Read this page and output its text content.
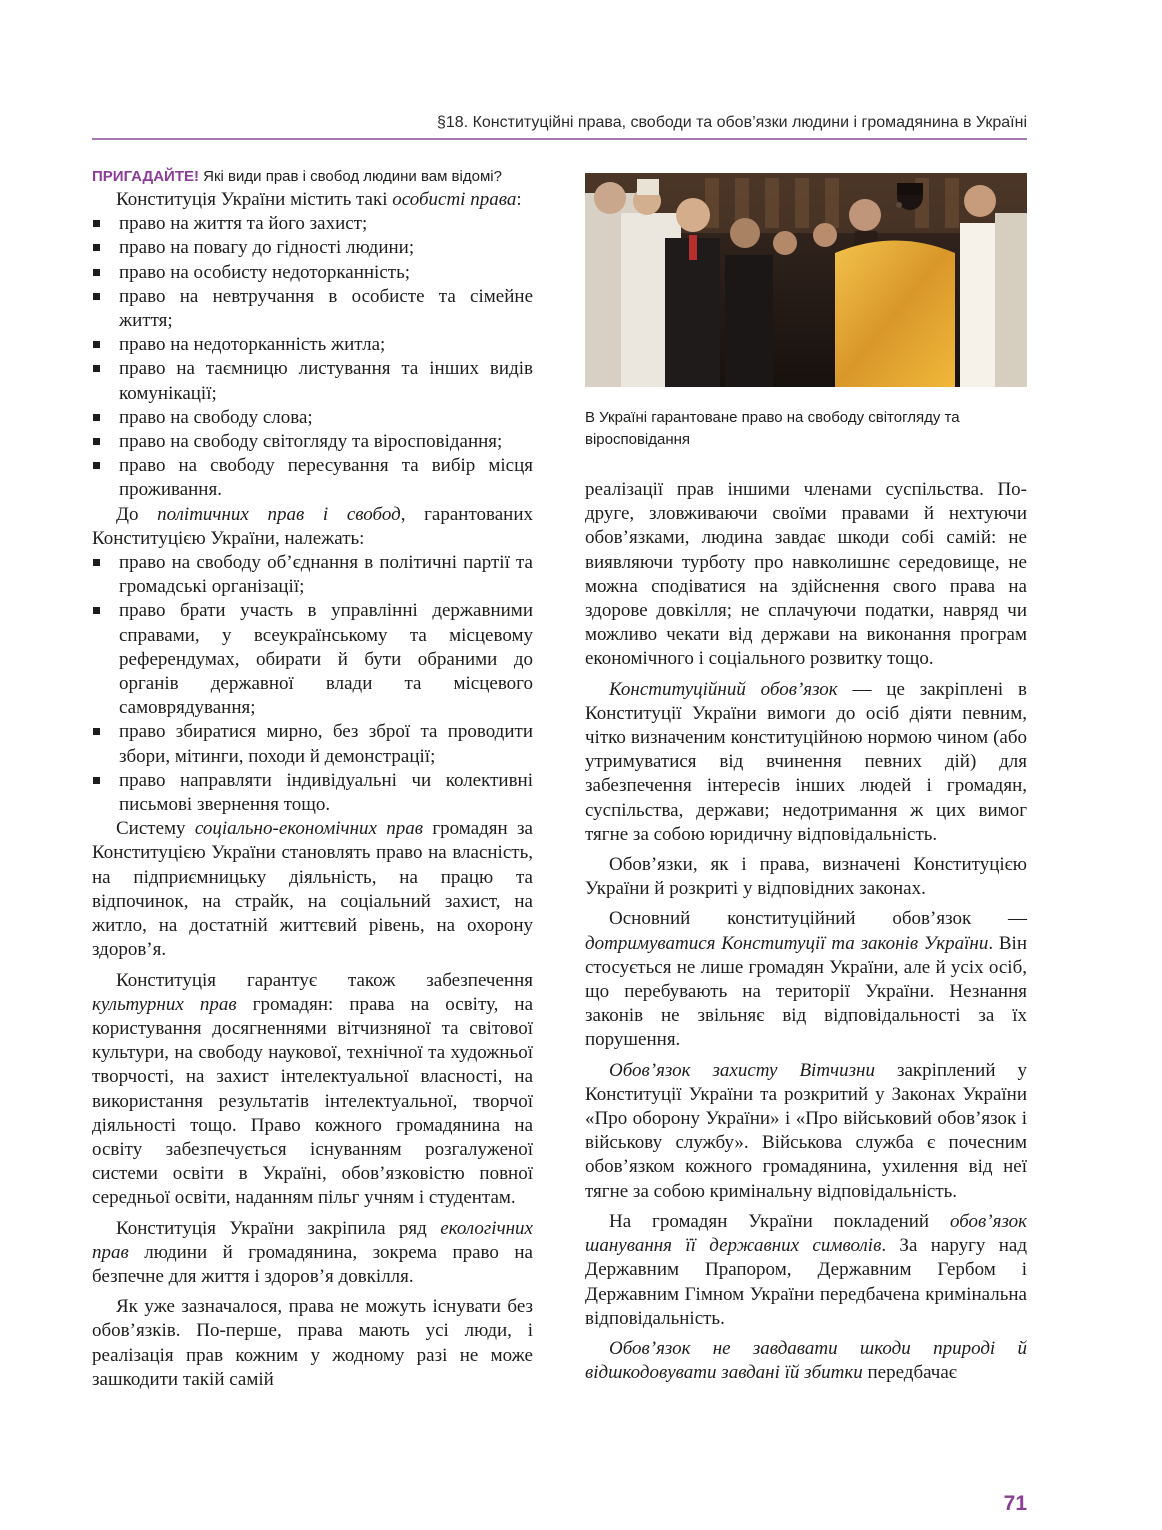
§18. Конституційні права, свободи та обов’язки людини і громадянина в Україні
ПРИГАДАЙТЕ! Які види прав і свобод людини вам відомі?

Конституція України містить такі особисті права:

право на життя та його захист;
право на повагу до гідності людини;
право на особисту недоторканність;
право на невтручання в особисте та сімейне життя;
право на недоторканність житла;
право на таємницю листування та інших видів комунікації;
право на свободу слова;
право на свободу світогляду та віросповідання;
право на свободу пересування та вибір місця проживання.

До політичних прав і свобод, гарантованих Конституцією України, належать:

право на свободу об’єднання в політичні партії та громадські організації;
право брати участь в управлінні державними справами, у всеукраїнському та місцевому референдумах, обирати й бути обраними до органів державної влади та місцевого самоврядування;
право збиратися мирно, без зброї та проводити збори, мітинги, походи й демонстрації;
право направляти індивідуальні чи колективні письмові звернення тощо.

Систему соціально-економічних прав громадян за Конституцією України становлять право на власність, на підприємницьку діяльність, на працю та відпочинок, на страйк, на соціальний захист, на житло, на достатній життєвий рівень, на охорону здоров’я.

Конституція гарантує також забезпечення культурних прав громадян: права на освіту, на користування досягненнями вітчизняної та світової культури, на свободу наукової, технічної та художньої творчості, на захист інтелектуальної власності, на використання результатів інтелектуальної, творчої діяльності тощо. Право кожного громадянина на освіту забезпечується існуванням розгалуженої системи освіти в Україні, обов’язковістю повної середньої освіти, наданням пільг учням і студентам.

Конституція України закріпила ряд екологічних прав людини й громадянина, зокрема право на безпечне для життя і здоров’я довкілля.

Як уже зазначалося, права не можуть існувати без обов’язків. По-перше, права мають усі люди, і реалізація прав кожним у жодному разі не може зашкодити такій самій

В Україні гарантоване право на свободу світогляду та віросповідання

реалізації прав іншими членами суспільства. По-друге, зловживаючи своїми правами й нехтуючи обов’язками, людина завдає шкоди собі самій: не виявляючи турботу про навколишнє середовище, не можна сподіватися на здійснення свого права на здорове довкілля; не сплачуючи податки, навряд чи можливо чекати від держави на виконання програм економічного і соціального розвитку тощо.

Конституційний обов’язок — це закріплені в Конституції України вимоги до осіб діяти певним, чітко визначеним конституційною нормою чином (або утримуватися від вчинення певних дій) для забезпечення інтересів інших людей і громадян, суспільства, держави; недотримання ж цих вимог тягне за собою юридичну відповідальність.

Обов’язки, як і права, визначені Конституцією України й розкриті у відповідних законах.

Основний конституційний обов’язок — дотримуватися Конституції та законів України. Він стосується не лише громадян України, але й усіх осіб, що перебувають на території України. Незнання законів не звільняє від відповідальності за їх порушення.

Обов’язок захисту Вітчизни закріплений у Конституції України та розкритий у Законах України «Про оборону України» і «Про військовий обов’язок і військову службу». Військова служба є почесним обов’язком кожного громадянина, ухилення від неї тягне за собою кримінальну відповідальність.

На громадян України покладений обов’язок шанування її державних символів. За наругу над Державним Прапором, Державним Гербом і Державним Гімном України передбачена кримінальна відповідальність.

Обов’язок не завдавати шкоди природі й відшкодовувати завдані їй збитки передбачає

71
